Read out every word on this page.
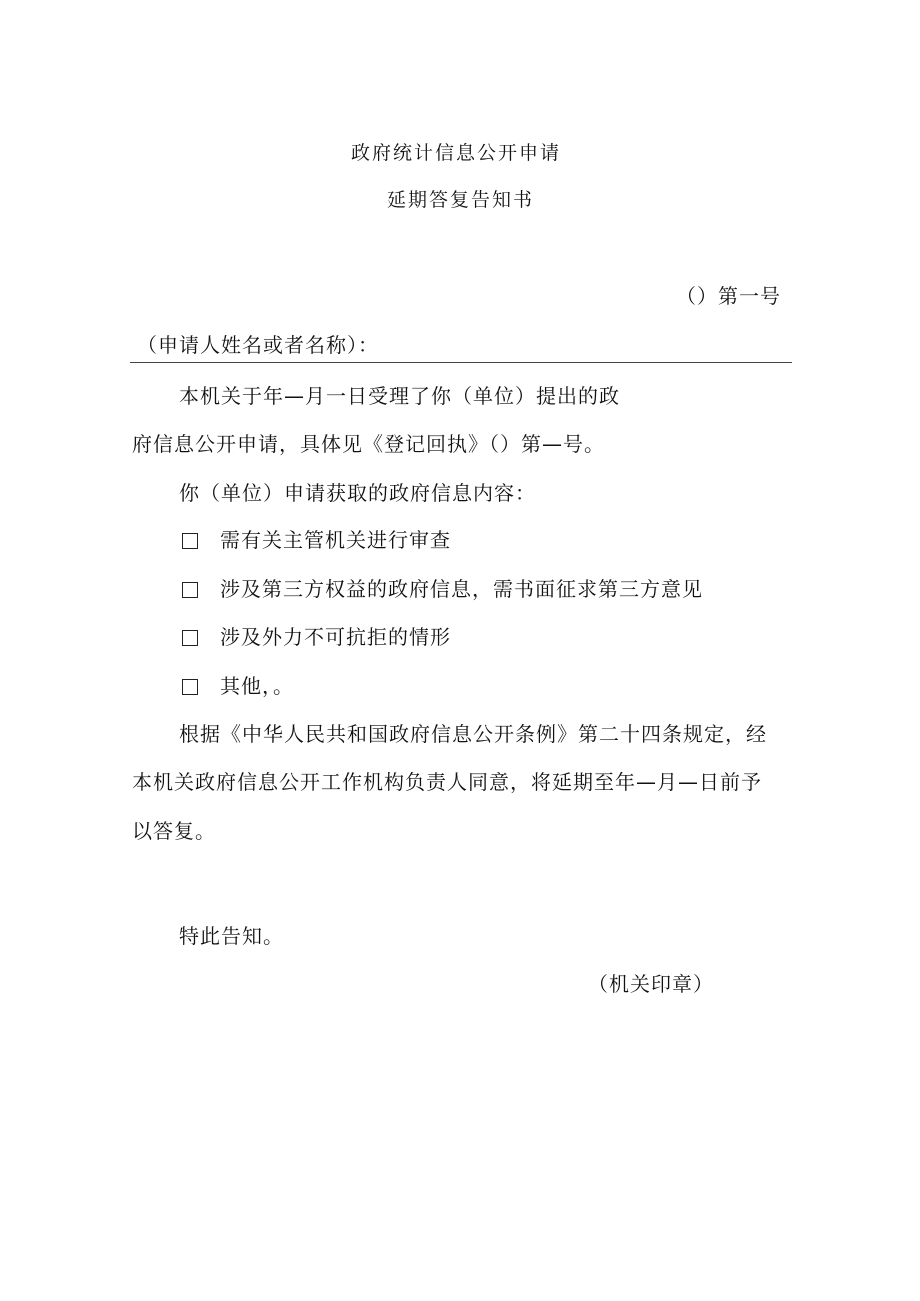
政府统计信息公开申请
延期答复告知书
（）第一号
（申请人姓名或者名称）：
本机关于年—月一日受理了你（单位）提出的政
府信息公开申请，具体见《登记回执》（）第—号。
你（单位）申请获取的政府信息内容：
需有关主管机关进行审查
涉及第三方权益的政府信息，需书面征求第三方意见
涉及外力不可抗拒的情形
其他，。
根据《中华人民共和国政府信息公开条例》第二十四条规定，经
本机关政府信息公开工作机构负责人同意，将延期至年—月—日前予
以答复。
特此告知。
（机关印章）
